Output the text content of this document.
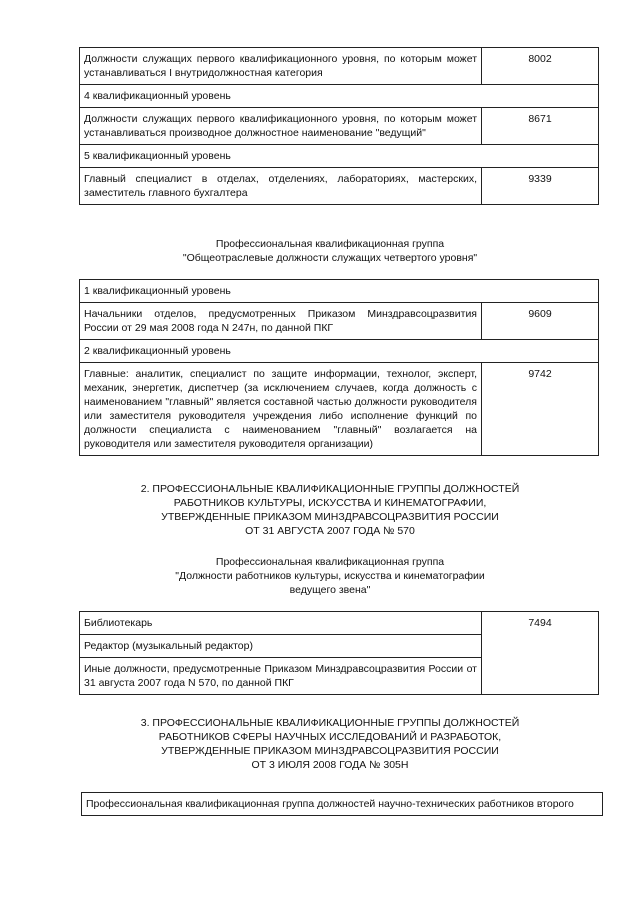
Должности служащих первого квалификационного уровня, по которым может устанавливаться I внутридолжностная категория	8002
4 квалификационный уровень	
Должности служащих первого квалификационного уровня, по которым может устанавливаться производное должностное наименование "ведущий"	8671
5 квалификационный уровень	
Главный специалист в отделах, отделениях, лабораториях, мастерских, заместитель главного бухгалтера	9339
Профессиональная квалификационная группа
"Общеотраслевые должности служащих четвертого уровня"
1 квалификационный уровень	
Начальники отделов, предусмотренных Приказом Минздравсоцразвития России от 29 мая 2008 года N 247н, по данной ПКГ	9609
2 квалификационный уровень	
Главные: аналитик, специалист по защите информации, технолог, эксперт, механик, энергетик, диспетчер (за исключением случаев, когда должность с наименованием "главный" является составной частью должности руководителя или заместителя руководителя учреждения либо исполнение функций по должности специалиста с наименованием "главный" возлагается на руководителя или заместителя руководителя организации)	9742
2. ПРОФЕССИОНАЛЬНЫЕ КВАЛИФИКАЦИОННЫЕ ГРУППЫ ДОЛЖНОСТЕЙ
РАБОТНИКОВ КУЛЬТУРЫ, ИСКУССТВА И КИНЕМАТОГРАФИИ,
УТВЕРЖДЕННЫЕ ПРИКАЗОМ МИНЗДРАВСОЦРАЗВИТИЯ РОССИИ
ОТ 31 АВГУСТА 2007 ГОДА № 570
Профессиональная квалификационная группа
"Должности работников культуры, искусства и кинематографии
ведущего звена"
Библиотекарь	7494
Редактор (музыкальный редактор)
Иные должности, предусмотренные Приказом Минздравсоцразвития России от 31 августа 2007 года N 570, по данной ПКГ
3. ПРОФЕССИОНАЛЬНЫЕ КВАЛИФИКАЦИОННЫЕ ГРУППЫ ДОЛЖНОСТЕЙ
РАБОТНИКОВ СФЕРЫ НАУЧНЫХ ИССЛЕДОВАНИЙ И РАЗРАБОТОК,
УТВЕРЖДЕННЫЕ ПРИКАЗОМ МИНЗДРАВСОЦРАЗВИТИЯ РОССИИ
ОТ 3 ИЮЛЯ 2008 ГОДА № 305Н
Профессиональная квалификационная группа должностей научно-технических работников второго
